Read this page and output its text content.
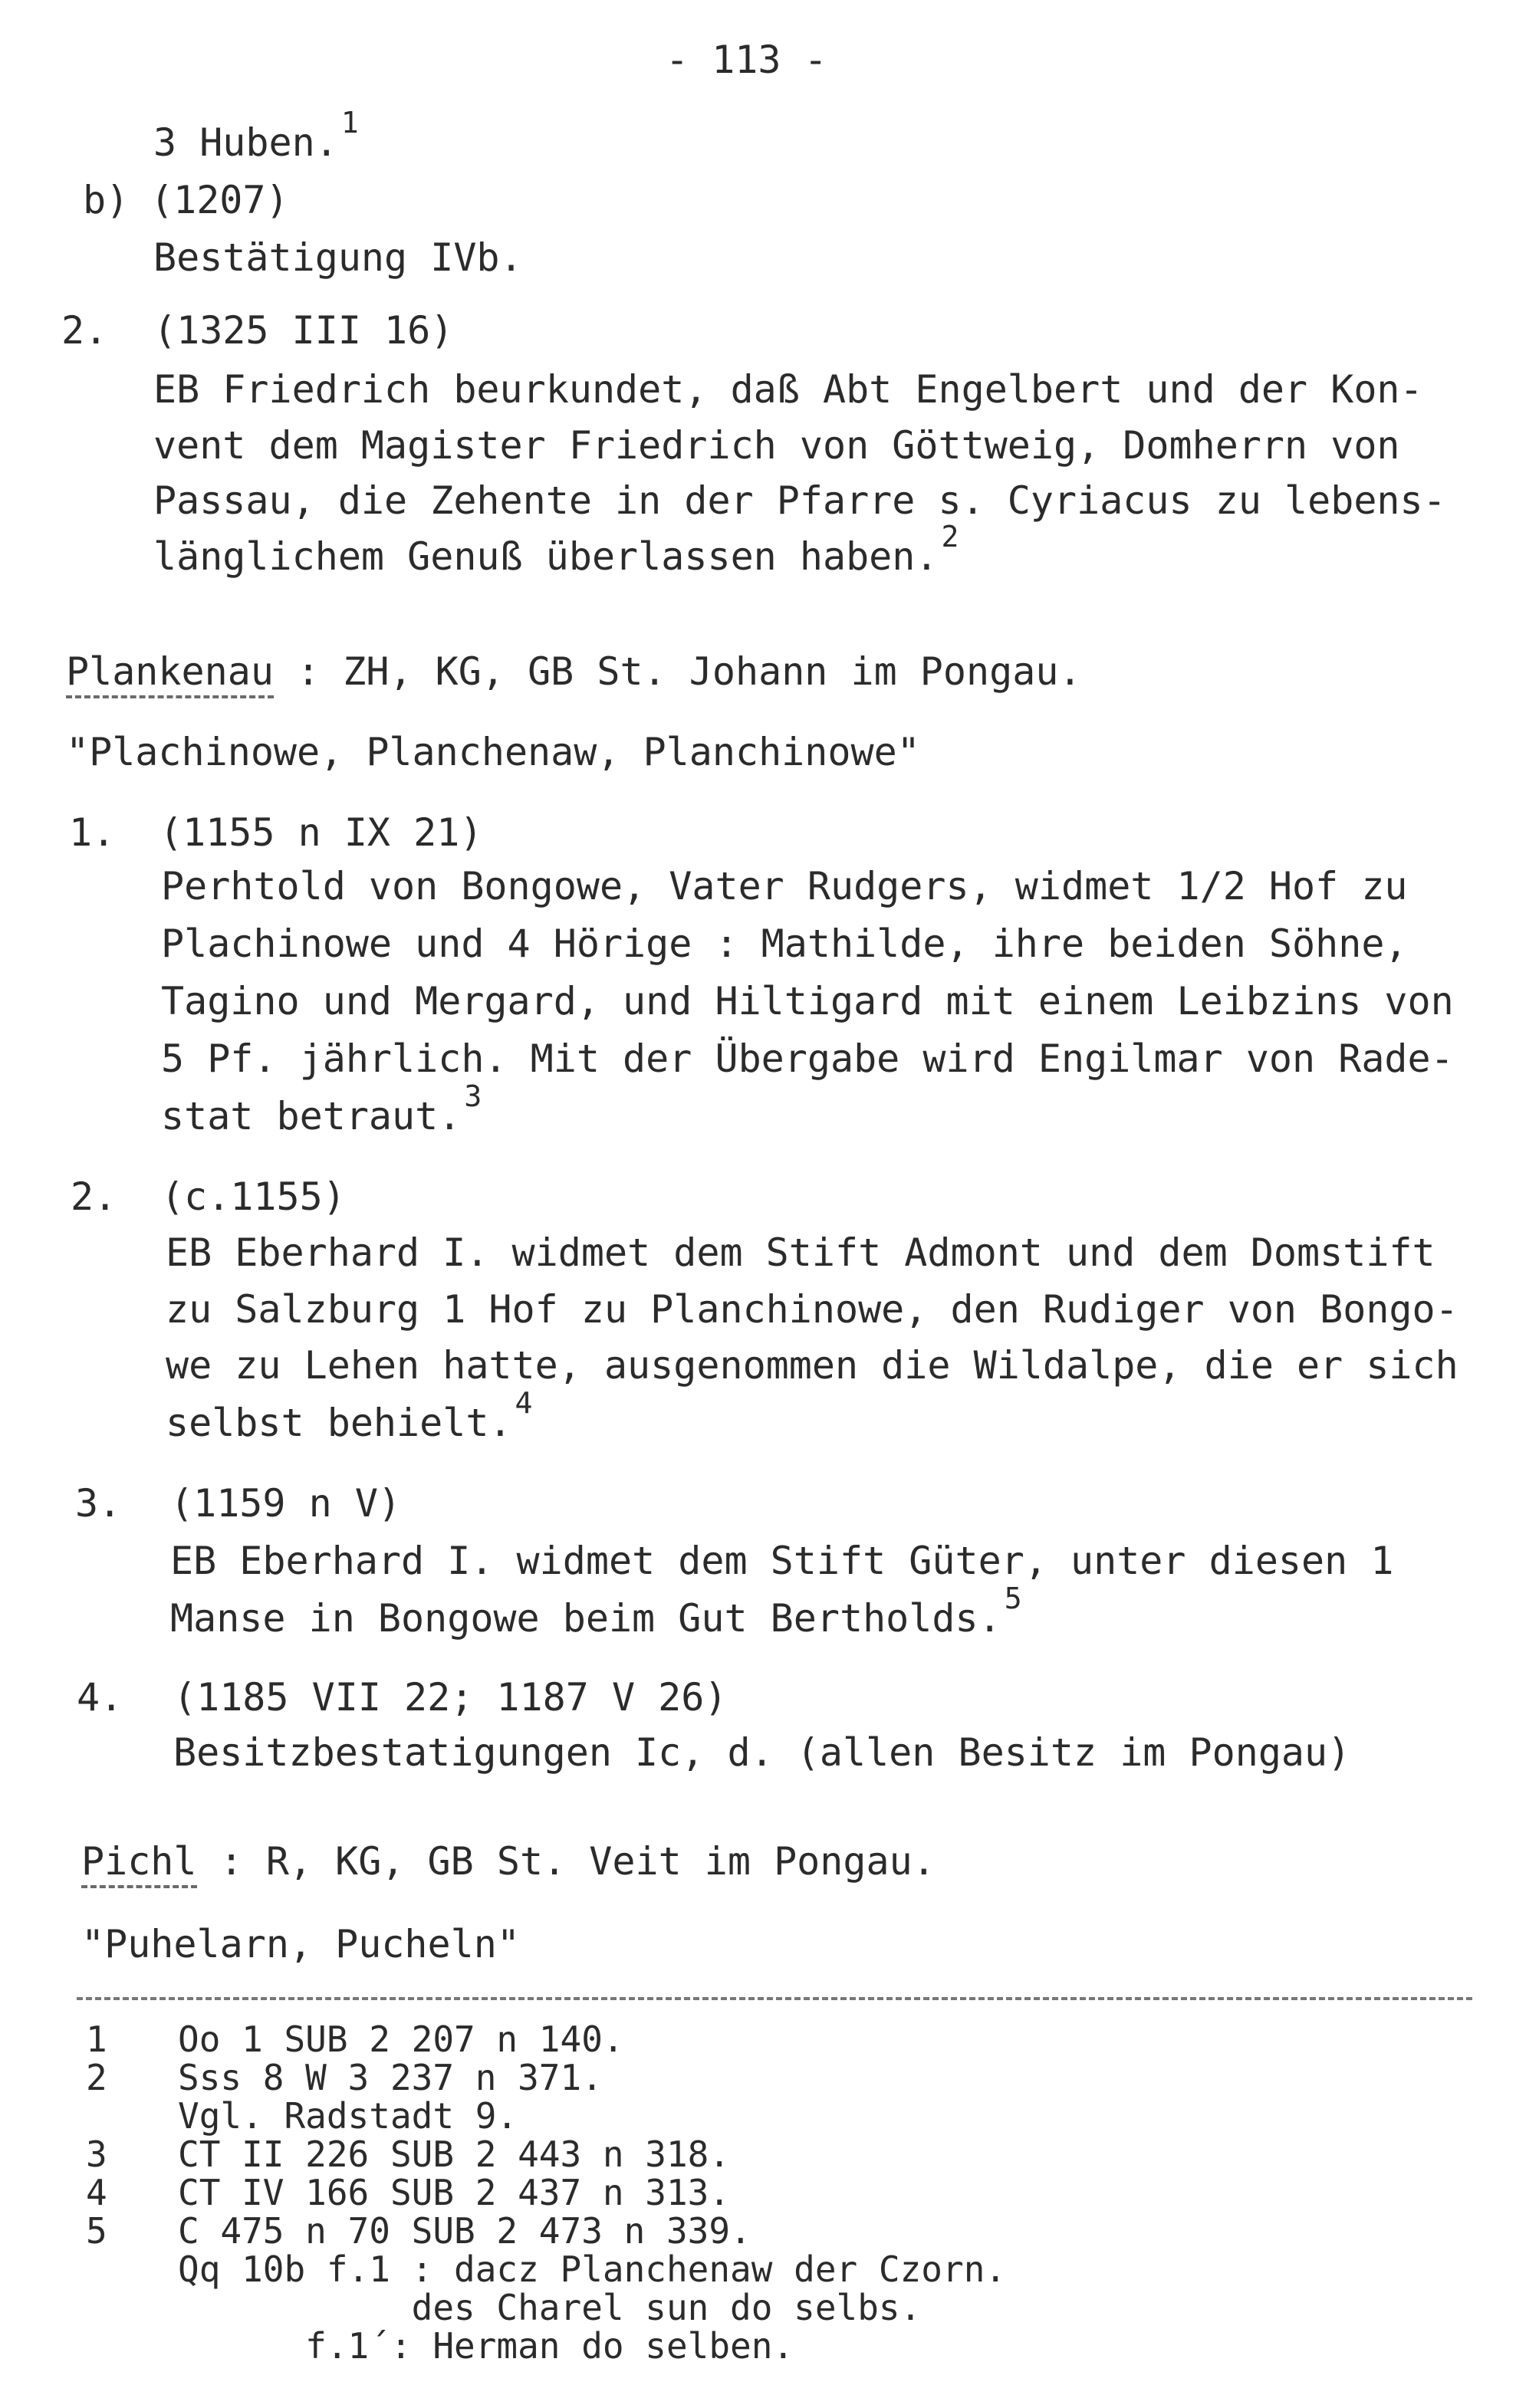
- 113 -
3 Huben. $^1$
b) (1207)
Bestätigung IVb.
2. (1325 III 16)
EB Friedrich beurkundet, daß Abt Engelbert und der Kon-
vent dem Magister Friedrich von Göttweig, Domherrn von
Passau, die Zehente in der Pfarre s. Cyriacus zu lebens-
länglichem Genuß überlassen haben. $^2$
Plankenau : ZH, KG, GB St. Johann im Pongau.
"Plachinowe, Planchenaw, Planchinowe"
1. (1155 n IX 21)
Perhtold von Bongowe, Vater Rudgers, widmet 1/2 Hof zu
Plachinowe und 4 Hörige : Mathilde, ihre beiden Söhne,
Tagino und Mergard, und Hiltigard mit einem Leibzins von
5 Pf. jährlich. Mit der Übergabe wird Engilmar von Rade-
stat betraut. $^3$
2. (c.1155)
EB Eberhard I. widmet dem Stift Admont und dem Domstift
zu Salzburg 1 Hof zu Planchinowe, den Rudiger von Bongo-
we zu Lehen hatte, ausgenommen die Wildalpe, die er sich
selbst behielt. $^4$
3. (1159 n V)
EB Eberhard I. widmet dem Stift Güter, unter diesen 1
Manse in Bongowe beim Gut Bertholds. $^5$
4. (1185 VII 22; 1187 V 26)
Besitzbestatigungen Ic, d. (allen Besitz im Pongau)
Pichl : R, KG, GB St. Veit im Pongau.
"Puhelarn, Pucheln"
1 Oo 1 SUB 2 207 n 140.
2 Sss 8 W 3 237 n 371.
Vgl. Radstadt 9.
3 CT II 226 SUB 2 443 n 318.
4 CT IV 166 SUB 2 437 n 313.
5 C 475 n 70 SUB 2 473 n 339.
Qq 10b f.1 : dacz Planchenaw der Czorn.
des Charel sun do selbs.
f.1´: Herman do selben.
